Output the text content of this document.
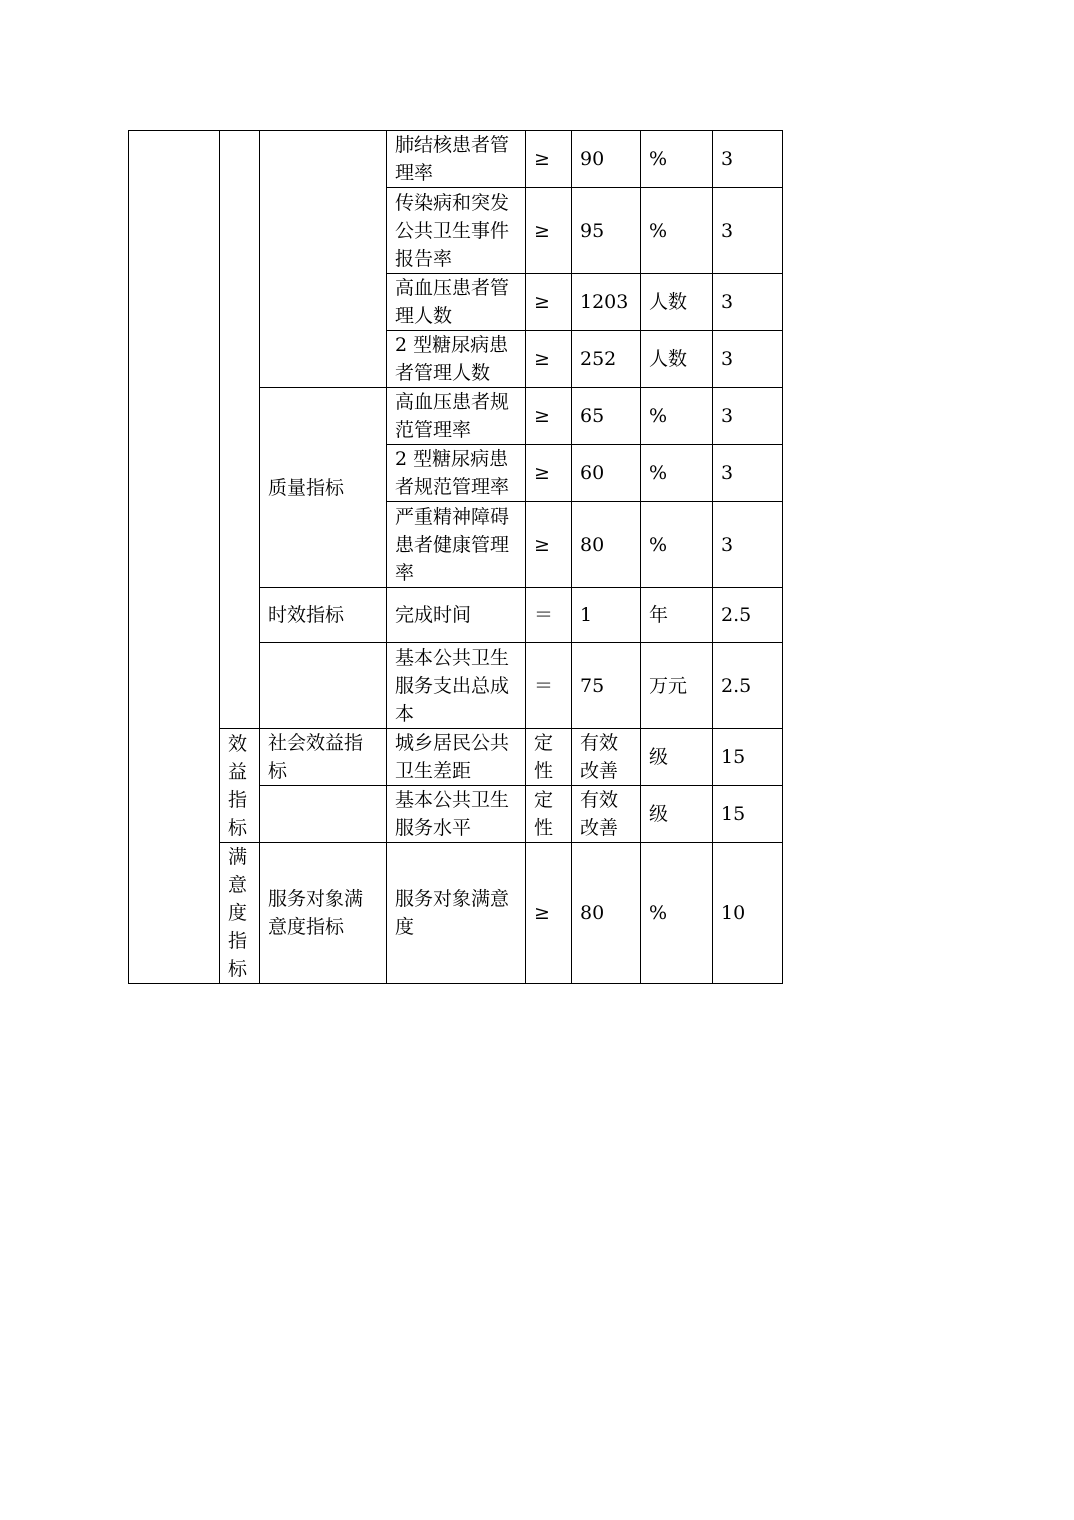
			肺结核患者管理率	≥	90	%	3
			传染病和突发公共卫生事件报告率	≥	95	%	3
			高血压患者管理人数	≥	1203	人数	3
			2 型糖尿病患者管理人数	≥	252	人数	3
		质量指标	高血压患者规范管理率	≥	65	%	3
			2 型糖尿病患者规范管理率	≥	60	%	3
			严重精神障碍患者健康管理率	≥	80	%	3
		时效指标	完成时间	＝	1	年	2.5
			基本公共卫生服务支出总成本	＝	75	万元	2.5
	效益指标	社会效益指标	城乡居民公共卫生差距	定性	有效改善	级	15
			基本公共卫生服务水平	定性	有效改善	级	15
	满意度指标	服务对象满意度指标	服务对象满意度	≥	80	%	10
